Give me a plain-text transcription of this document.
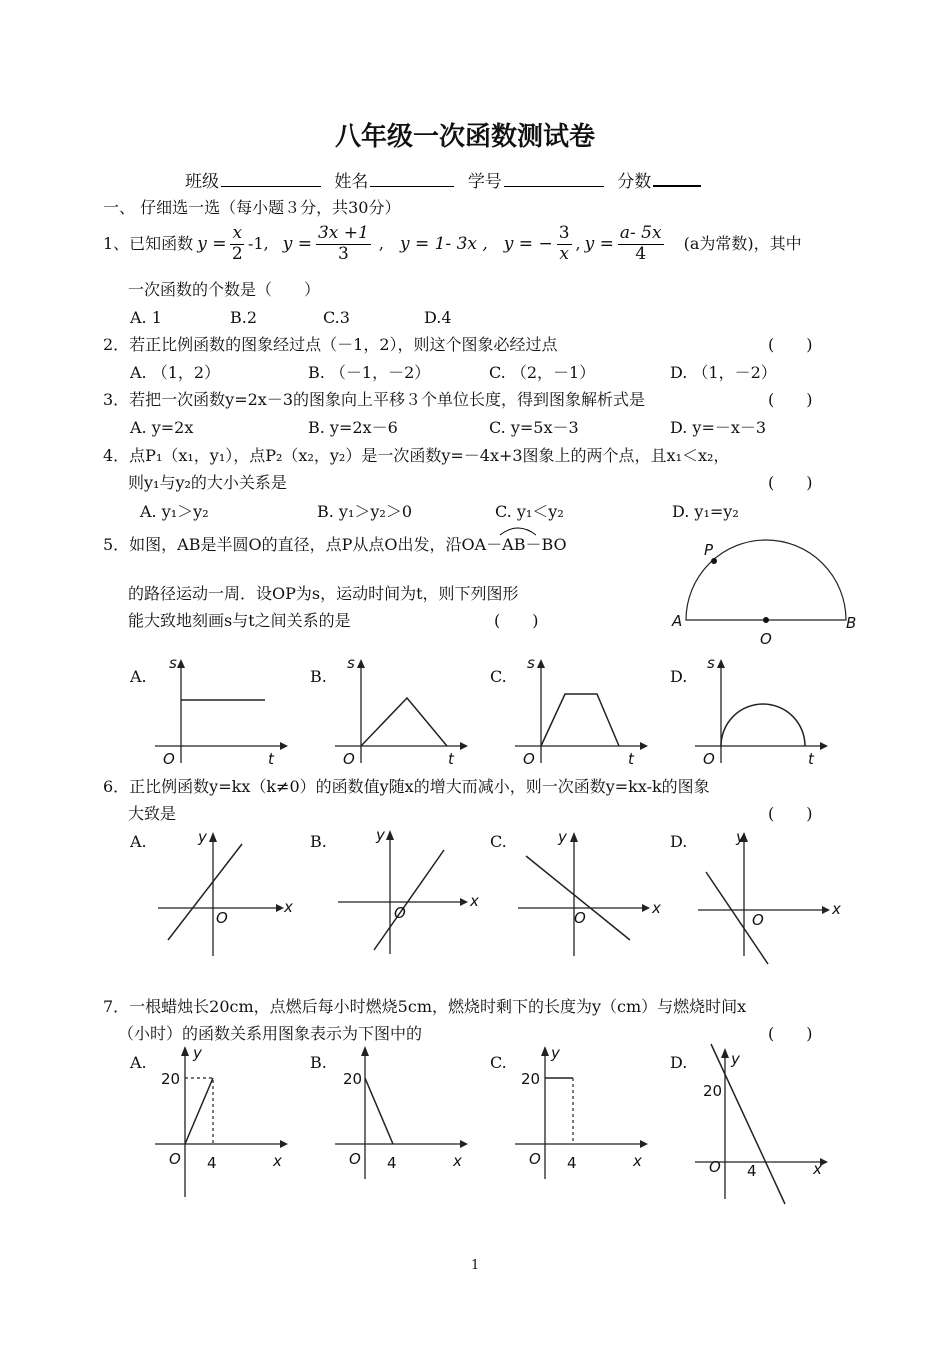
八年级一次函数测试卷
班级	姓名	学号	分数
一、 仔细选一选（每小题３分，共30分）
1、已知函数 $y = \frac{x}{2} -1$, $y = \frac{3x +1}{3}$ , y = 1- 3x , y = − $\frac{3}{x}$ , $y = \frac{a- 5x}{4} (a$为常数)，其中
一次函数的个数是（　　）
A. 1	B.2	C.3	D.4
2．若正比例函数的图象经过点（－1，2），则这个图象必经过点	(　　)
A. （1，2）	B. （－1，－2）	C. （2，－1）	D. （1，－2）
3．若把一次函数y=2x－3的图象向上平移３个单位长度，得到图象解析式是	(　　)
A. y=2x	B. y=2x－6	C. y=5x－3	D. y=－x－3
4．点P₁（x₁，y₁），点P₂（x₂，y₂）是一次函数y=－4x+3图象上的两个点，且x₁＜x₂，
则y₁与y₂的大小关系是	(　　)
A. y₁＞y₂	B. y₁＞y₂＞0	C. y₁＜y₂	D. y₁=y₂
5．如图，AB是半圆O的直径，点P从点O出发，沿OA－
AB－BO
的路径运动一周．设OP为s，运动时间为t，则下列图形
能大致地刻画s与t之间关系的是	(　　)
P
A
O
B
A.	B.	C.	D.
s
O	t
s
O	t
s
O	t
s
O	t
6．正比例函数y=kx（k≠0）的函数值y随x的增大而减小，则一次函数y=kx-k的图象
大致是	(　　)
A.	B.	C.	D.
y
O
x
y
O
x
y
O
x
y
O
x
7．一根蜡烛长20cm，点燃后每小时燃烧5cm，燃烧时剩下的长度为y（cm）与燃烧时间x
（小时）的函数关系用图象表示为下图中的	(　　)
A.	B.	C.	D.
y
20
O 4	x
20
O 4	x
y
20
O 4	x
y
20
O 4	x
1
